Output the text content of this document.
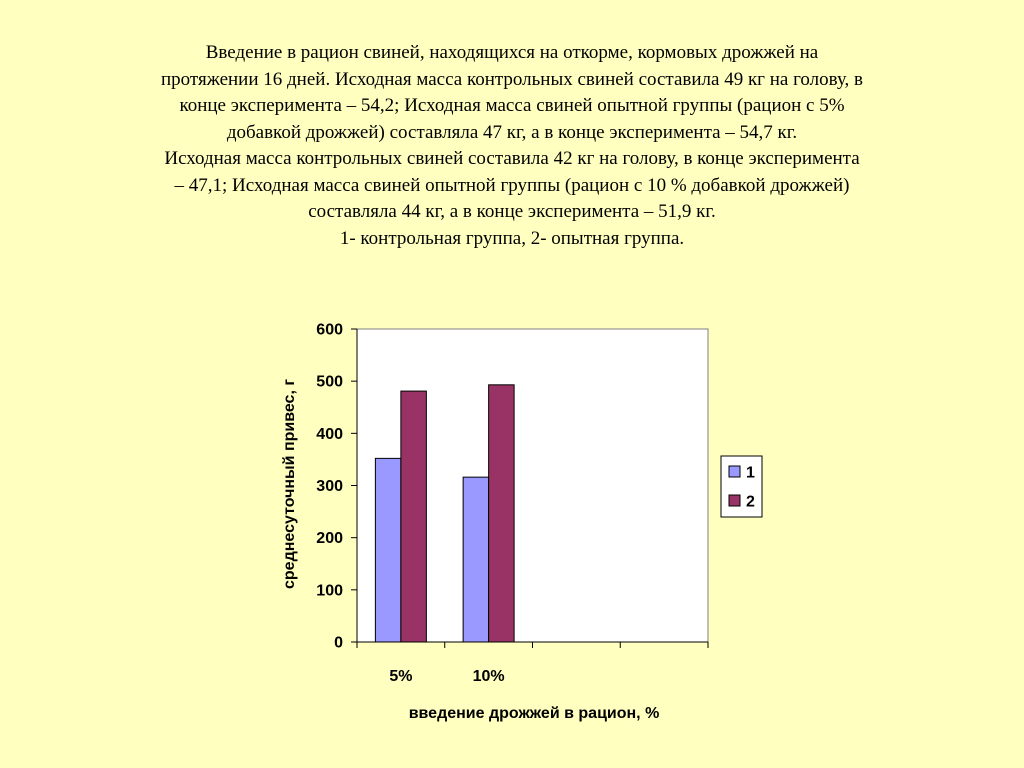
Введение в рацион свиней, находящихся на откорме, кормовых дрожжей на
протяжении 16 дней. Исходная масса контрольных свиней составила 49 кг на голову, в
конце эксперимента – 54,2; Исходная масса свиней опытной группы (рацион с 5%
добавкой дрожжей) составляла 47 кг, а в конце эксперимента – 54,7 кг.
Исходная масса контрольных свиней составила 42 кг на голову, в конце эксперимента
– 47,1; Исходная масса свиней опытной группы (рацион с 10 % добавкой дрожжей)
составляла 44 кг, а в конце эксперимента – 51,9 кг.
1- контрольная группа, 2- опытная группа.
0
100
200
300
400
500
600
5%	10%
среднесуточный привес, г
введение дрожжей в рацион, %
1
2
